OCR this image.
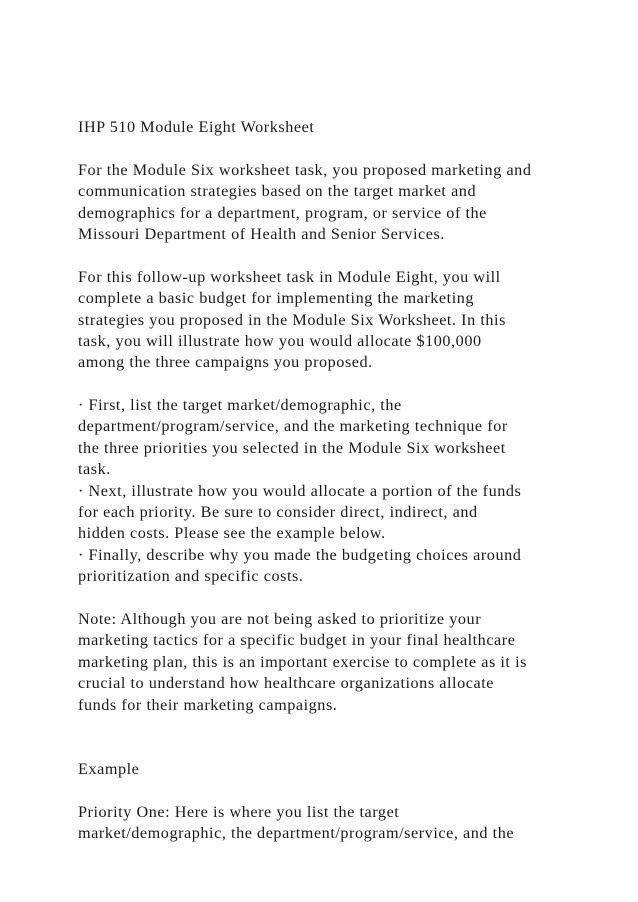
IHP 510 Module Eight Worksheet
For the Module Six worksheet task, you proposed marketing and
communication strategies based on the target market and
demographics for a department, program, or service of the
Missouri Department of Health and Senior Services.
For this follow-up worksheet task in Module Eight, you will
complete a basic budget for implementing the marketing
strategies you proposed in the Module Six Worksheet. In this
task, you will illustrate how you would allocate $100,000
among the three campaigns you proposed.
· First, list the target market/demographic, the
department/program/service, and the marketing technique for
the three priorities you selected in the Module Six worksheet
task.
· Next, illustrate how you would allocate a portion of the funds
for each priority. Be sure to consider direct, indirect, and
hidden costs. Please see the example below.
· Finally, describe why you made the budgeting choices around
prioritization and specific costs.
Note: Although you are not being asked to prioritize your
marketing tactics for a specific budget in your final healthcare
marketing plan, this is an important exercise to complete as it is
crucial to understand how healthcare organizations allocate
funds for their marketing campaigns.
Example
Priority One: Here is where you list the target
market/demographic, the department/program/service, and the
